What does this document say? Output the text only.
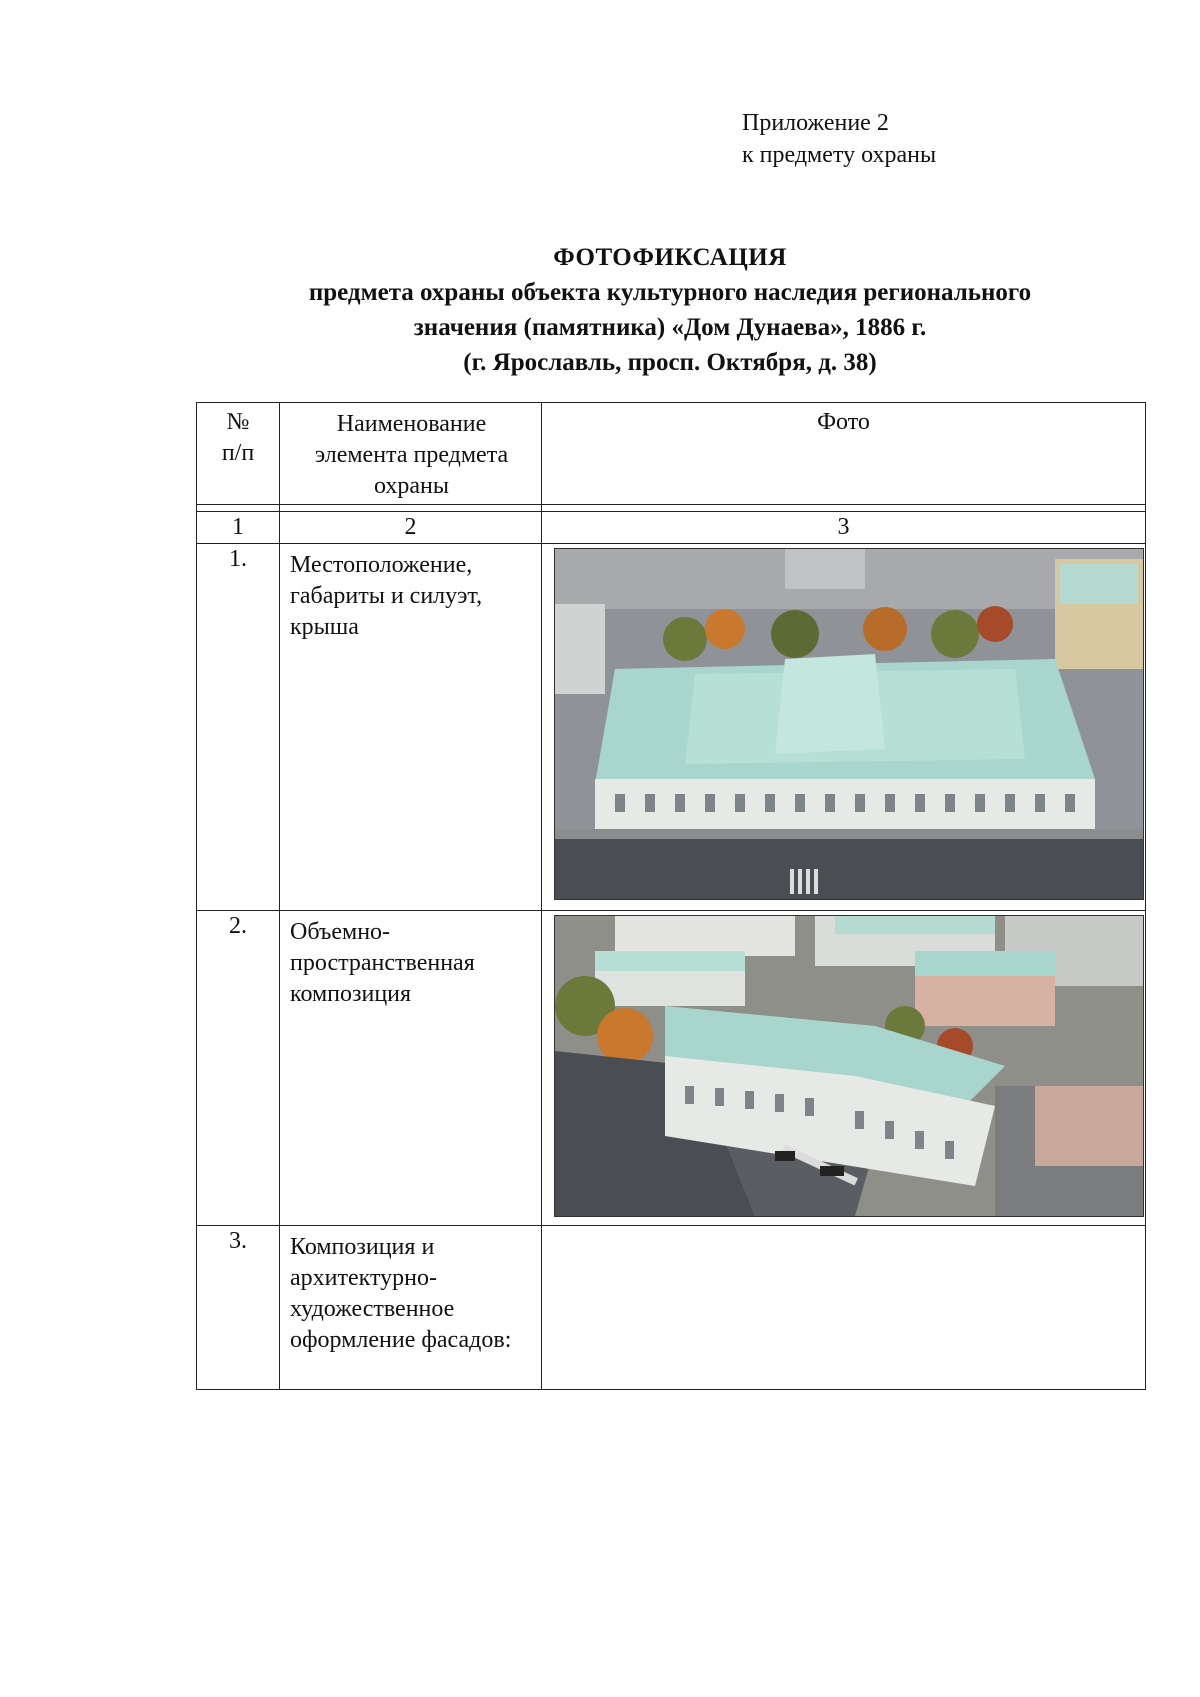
Приложение 2
к предмету охраны
ФОТОФИКСАЦИЯ
предмета охраны объекта культурного наследия регионального
значения (памятника) «Дом Дунаева», 1886 г.
(г. Ярославль, просп. Октября, д. 38)
№
п/п	Наименование элемента предмета охраны	Фото

1	2	3
1.	Местоположение, габариты и силуэт, крыша	

2.	Объемно-пространственная композиция	

3.	Композиция и архитектурно-художественное оформление фасадов:	
